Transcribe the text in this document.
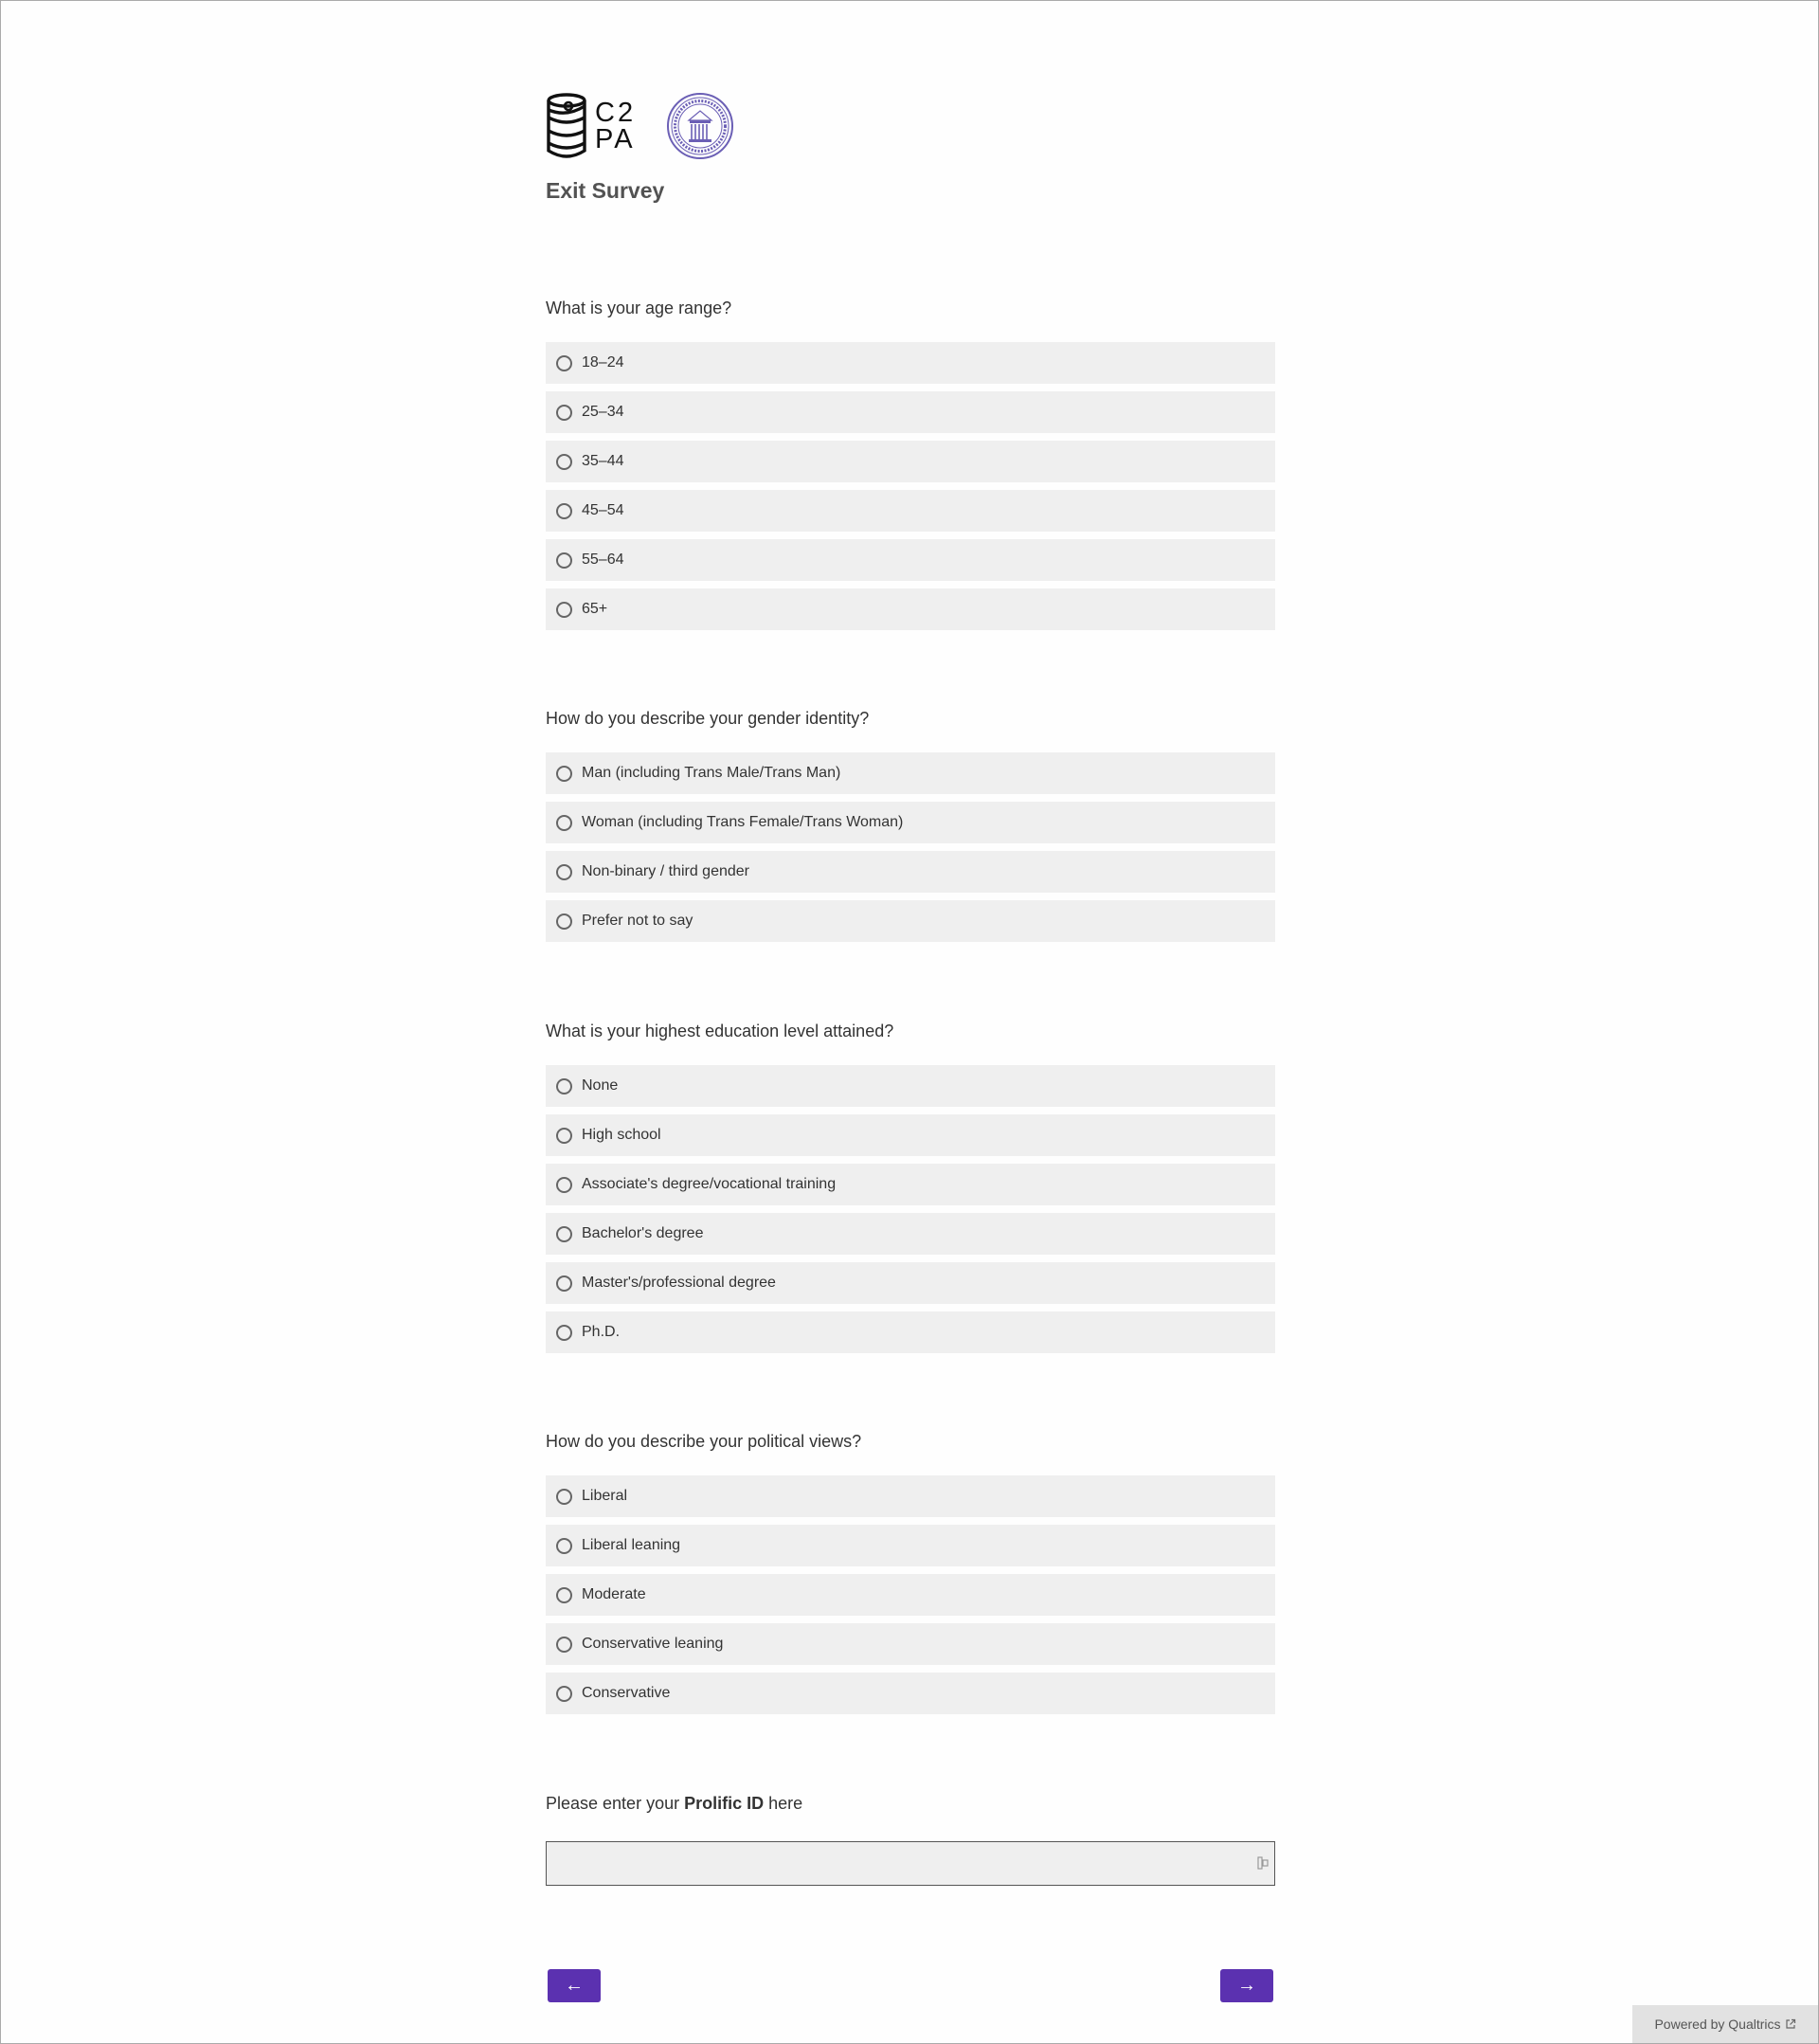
C2
PA
Exit Survey
What is your age range?
18–24
25–34
35–44
45–54
55–64
65+
How do you describe your gender identity?
Man (including Trans Male/Trans Man)
Woman (including Trans Female/Trans Woman)
Non-binary / third gender
Prefer not to say
What is your highest education level attained?
None
High school
Associate's degree/vocational training
Bachelor's degree
Master's/professional degree
Ph.D.
How do you describe your political views?
Liberal
Liberal leaning
Moderate
Conservative leaning
Conservative
Please enter your Prolific ID here
←	→
Powered by Qualtrics
